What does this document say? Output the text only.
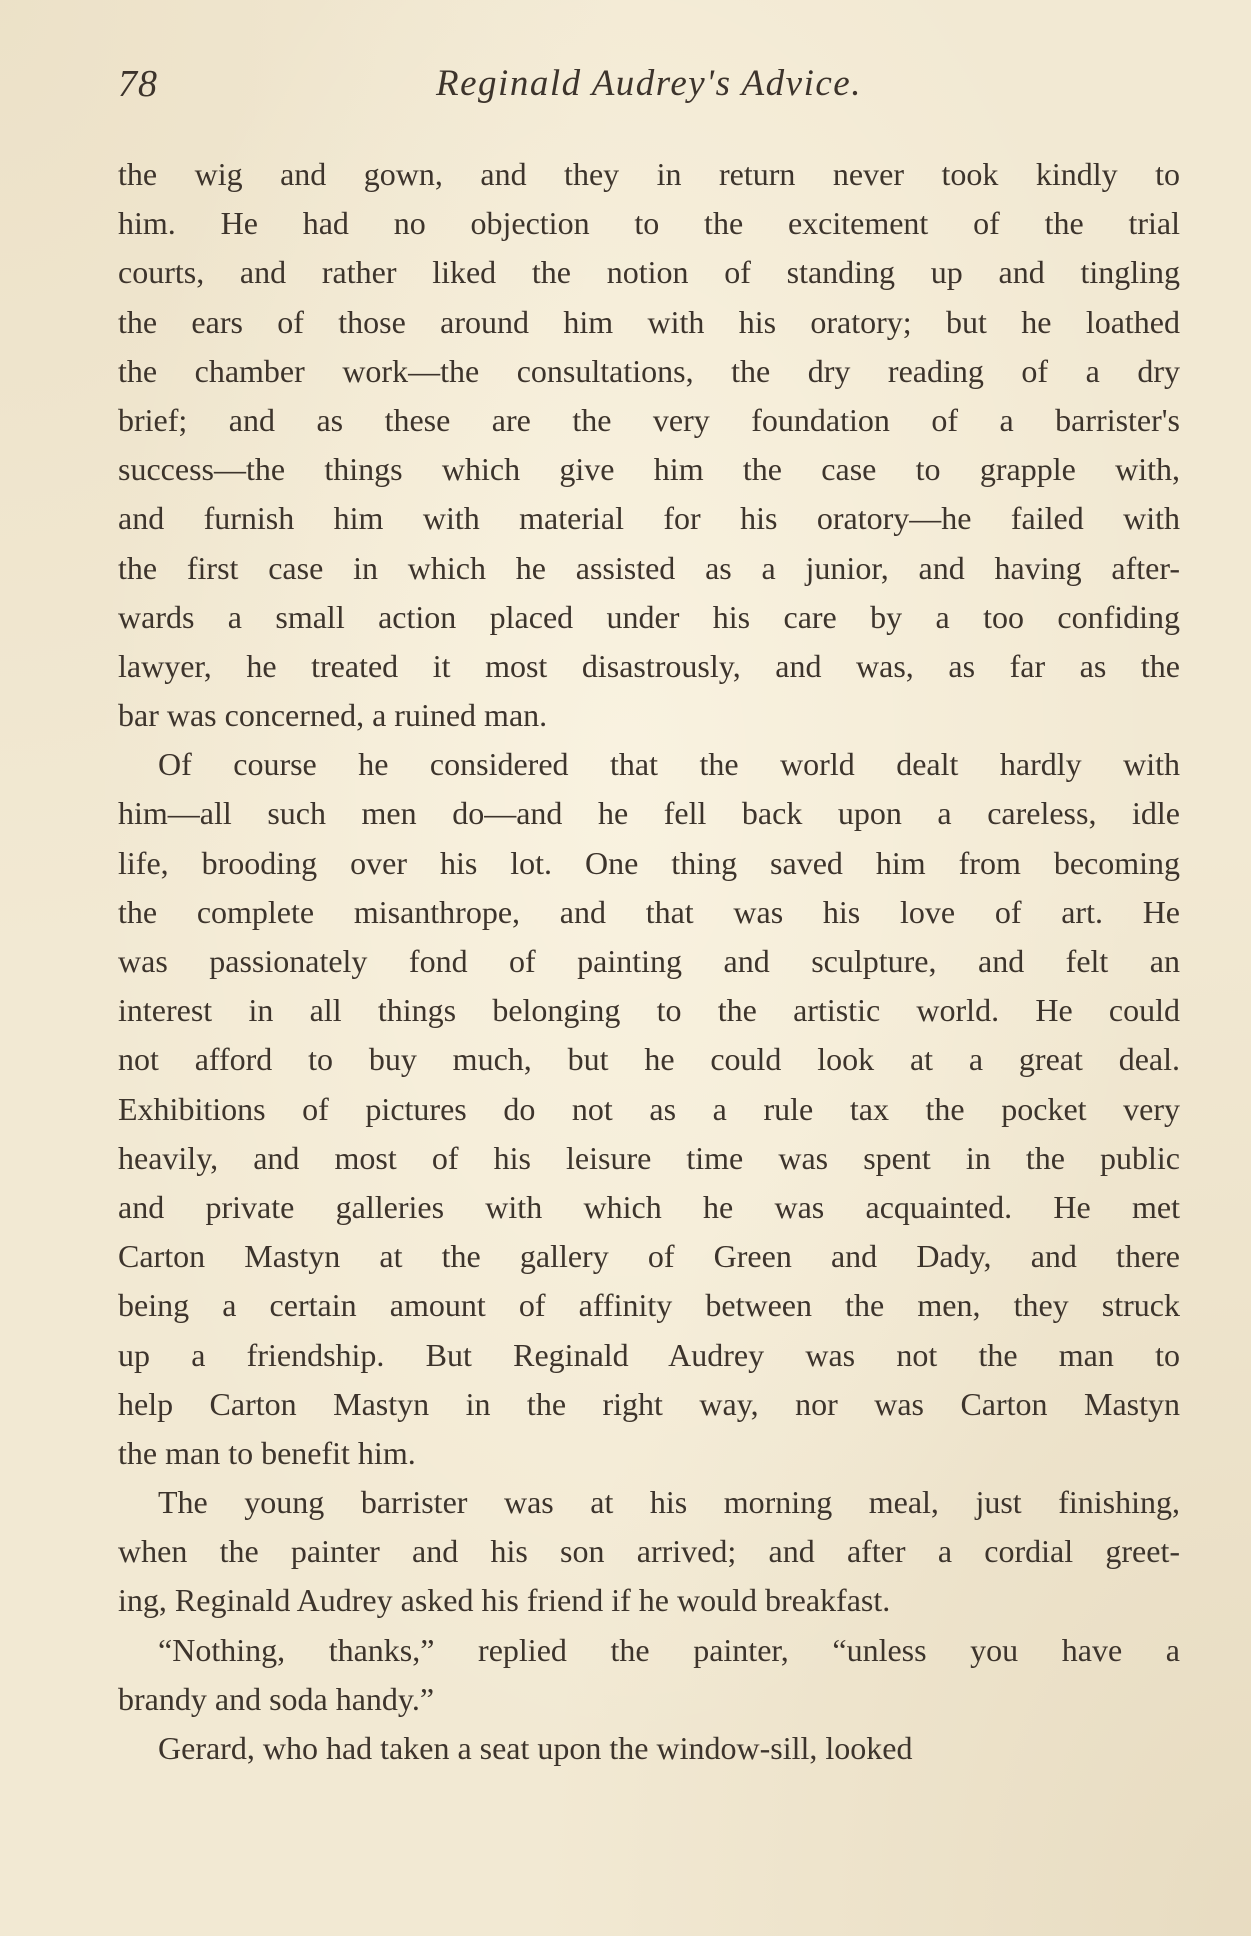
78	Reginald Audrey's Advice.

the wig and gown, and they in return never took kindly to
him. He had no objection to the excitement of the trial
courts, and rather liked the notion of standing up and tingling
the ears of those around him with his oratory; but he loathed
the chamber work—the consultations, the dry reading of a dry
brief; and as these are the very foundation of a barrister's
success—the things which give him the case to grapple with,
and furnish him with material for his oratory—he failed with
the first case in which he assisted as a junior, and having after-
wards a small action placed under his care by a too confiding
lawyer, he treated it most disastrously, and was, as far as the
bar was concerned, a ruined man.

Of course he considered that the world dealt hardly with
him—all such men do—and he fell back upon a careless, idle
life, brooding over his lot. One thing saved him from becoming
the complete misanthrope, and that was his love of art. He
was passionately fond of painting and sculpture, and felt an
interest in all things belonging to the artistic world. He could
not afford to buy much, but he could look at a great deal.
Exhibitions of pictures do not as a rule tax the pocket very
heavily, and most of his leisure time was spent in the public
and private galleries with which he was acquainted. He met
Carton Mastyn at the gallery of Green and Dady, and there
being a certain amount of affinity between the men, they struck
up a friendship. But Reginald Audrey was not the man to
help Carton Mastyn in the right way, nor was Carton Mastyn
the man to benefit him.

The young barrister was at his morning meal, just finishing,
when the painter and his son arrived; and after a cordial greet-
ing, Reginald Audrey asked his friend if he would breakfast.

“Nothing, thanks,” replied the painter, “unless you have a
brandy and soda handy.”

Gerard, who had taken a seat upon the window-sill, looked
